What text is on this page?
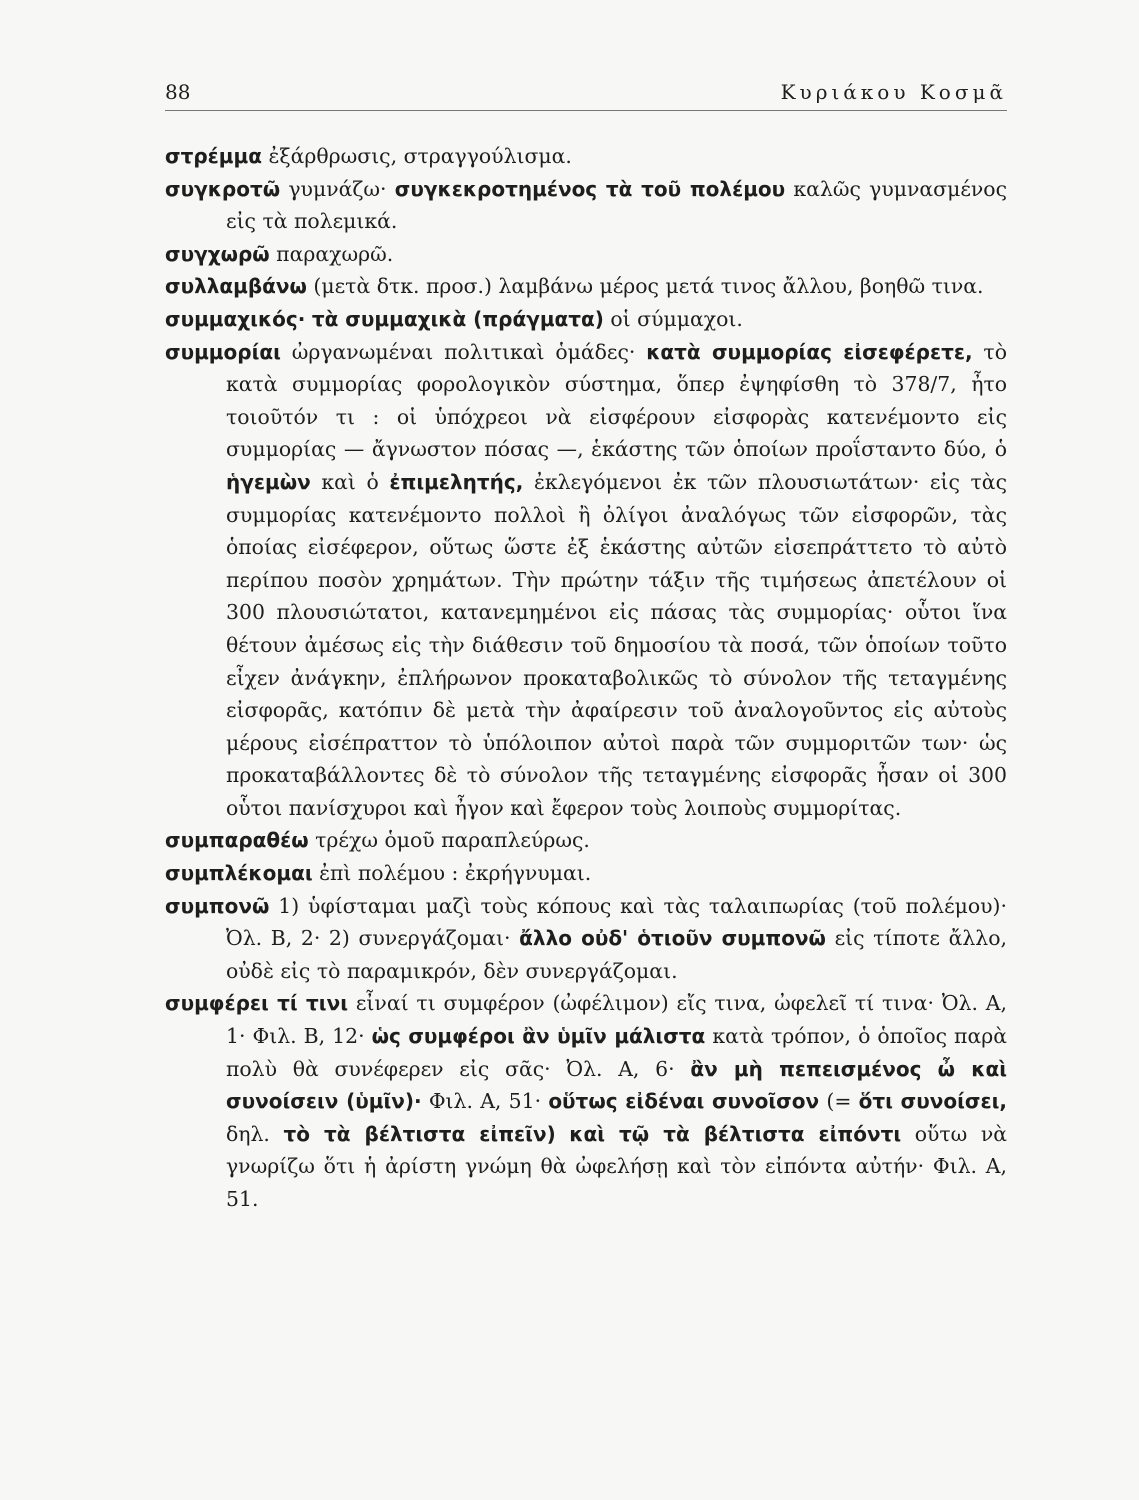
88	Κυριάκου Κοσμᾶ

στρέμμα ἐξάρθρωσις, στραγγούλισμα.

συγκροτῶ γυμνάζω· συγκεκροτημένος τὰ τοῦ πολέμου καλῶς γυμνασμένος εἰς τὰ πολεμικά.

συγχωρῶ παραχωρῶ.

συλλαμβάνω (μετὰ δτκ. προσ.) λαμβάνω μέρος μετά τινος ἄλλου, βοηθῶ τινα.

συμμαχικός· τὰ συμμαχικὰ (πράγματα) οἱ σύμμαχοι.

συμμορίαι ὠργανωμέναι πολιτικαὶ ὁμάδες· κατὰ συμμορίας εἰσεφέρετε, τὸ κατὰ συμμορίας φορολογικὸν σύστημα, ὅπερ ἐψηφίσθη τὸ 378/7, ἦτο τοιοῦτόν τι : οἱ ὑπόχρεοι νὰ εἰσφέρουν εἰσφορὰς κατενέμοντο εἰς συμμορίας — ἄγνωστον πόσας —, ἑκάστης τῶν ὁποίων προΐσταντο δύο, ὁ ἡγεμὼν καὶ ὁ ἐπιμελητής, ἐκλεγόμενοι ἐκ τῶν πλουσιωτάτων· εἰς τὰς συμμορίας κατενέμοντο πολλοὶ ἢ ὀλίγοι ἀναλόγως τῶν εἰσφορῶν, τὰς ὁποίας εἰσέφερον, οὕτως ὥστε ἐξ ἑκάστης αὐτῶν εἰσεπράττετο τὸ αὐτὸ περίπου ποσὸν χρημάτων. Τὴν πρώτην τάξιν τῆς τιμήσεως ἀπετέλουν οἱ 300 πλουσιώτατοι, κατανεμημένοι εἰς πάσας τὰς συμμορίας· οὗτοι ἵνα θέτουν ἀμέσως εἰς τὴν διάθεσιν τοῦ δημοσίου τὰ ποσά, τῶν ὁποίων τοῦτο εἶχεν ἀνάγκην, ἐπλήρωνον προκαταβολικῶς τὸ σύνολον τῆς τεταγμένης εἰσφορᾶς, κατόπιν δὲ μετὰ τὴν ἀφαίρεσιν τοῦ ἀναλογοῦντος εἰς αὐτοὺς μέρους εἰσέπραττον τὸ ὑπόλοιπον αὐτοὶ παρὰ τῶν συμμοριτῶν των· ὡς προκαταβάλλοντες δὲ τὸ σύνολον τῆς τεταγμένης εἰσφορᾶς ἦσαν οἱ 300 οὗτοι πανίσχυροι καὶ ἦγον καὶ ἔφερον τοὺς λοιποὺς συμμορίτας.

συμπαραθέω τρέχω ὁμοῦ παραπλεύρως.

συμπλέκομαι ἐπὶ πολέμου : ἐκρήγνυμαι.

συμπονῶ 1) ὑφίσταμαι μαζὶ τοὺς κόπους καὶ τὰς ταλαιπωρίας (τοῦ πολέμου)· Ὀλ. Β, 2· 2) συνεργάζομαι· ἄλλο οὐδ' ὁτιοῦν συμπονῶ εἰς τίποτε ἄλλο, οὐδὲ εἰς τὸ παραμικρόν, δὲν συνεργάζομαι.

συμφέρει τί τινι εἶναί τι συμφέρον (ὠφέλιμον) εἴς τινα, ὠφελεῖ τί τινα· Ὀλ. Α, 1· Φιλ. Β, 12· ὡς συμφέροι ἂν ὑμῖν μάλιστα κατὰ τρόπον, ὁ ὁποῖος παρὰ πολὺ θὰ συνέφερεν εἰς σᾶς· Ὀλ. Α, 6· ἂν μὴ πεπεισμένος ὦ καὶ συνοίσειν (ὑμῖν)· Φιλ. Α, 51· οὕτως εἰδέναι συνοῖσον (= ὅτι συνοίσει, δηλ. τὸ τὰ βέλτιστα εἰπεῖν) καὶ τῷ τὰ βέλτιστα εἰπόντι οὕτω νὰ γνωρίζω ὅτι ἡ ἀρίστη γνώμη θὰ ὠφελήσῃ καὶ τὸν εἰπόντα αὐτήν· Φιλ. Α, 51.
